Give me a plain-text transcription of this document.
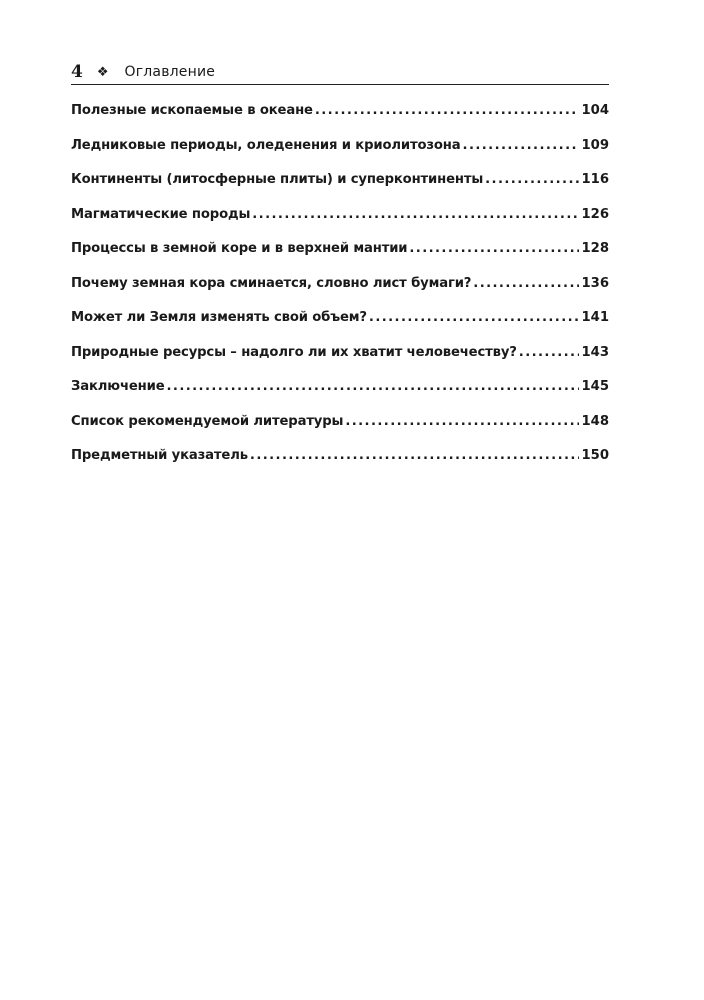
4 ❖ Оглавление
Полезные ископаемые в океане .....	104
Ледниковые периоды, оледенения и криолитозона .....	109
Континенты (литосферные плиты) и суперконтиненты .....	116
Магматические породы .....	126
Процессы в земной коре и в верхней мантии .....	128
Почему земная кора сминается, словно лист бумаги? .....	136
Может ли Земля изменять свой объем? .....	141
Природные ресурсы – надолго ли их хватит человечеству? .....	143
Заключение .....	145
Список рекомендуемой литературы .....	148
Предметный указатель .....	150
